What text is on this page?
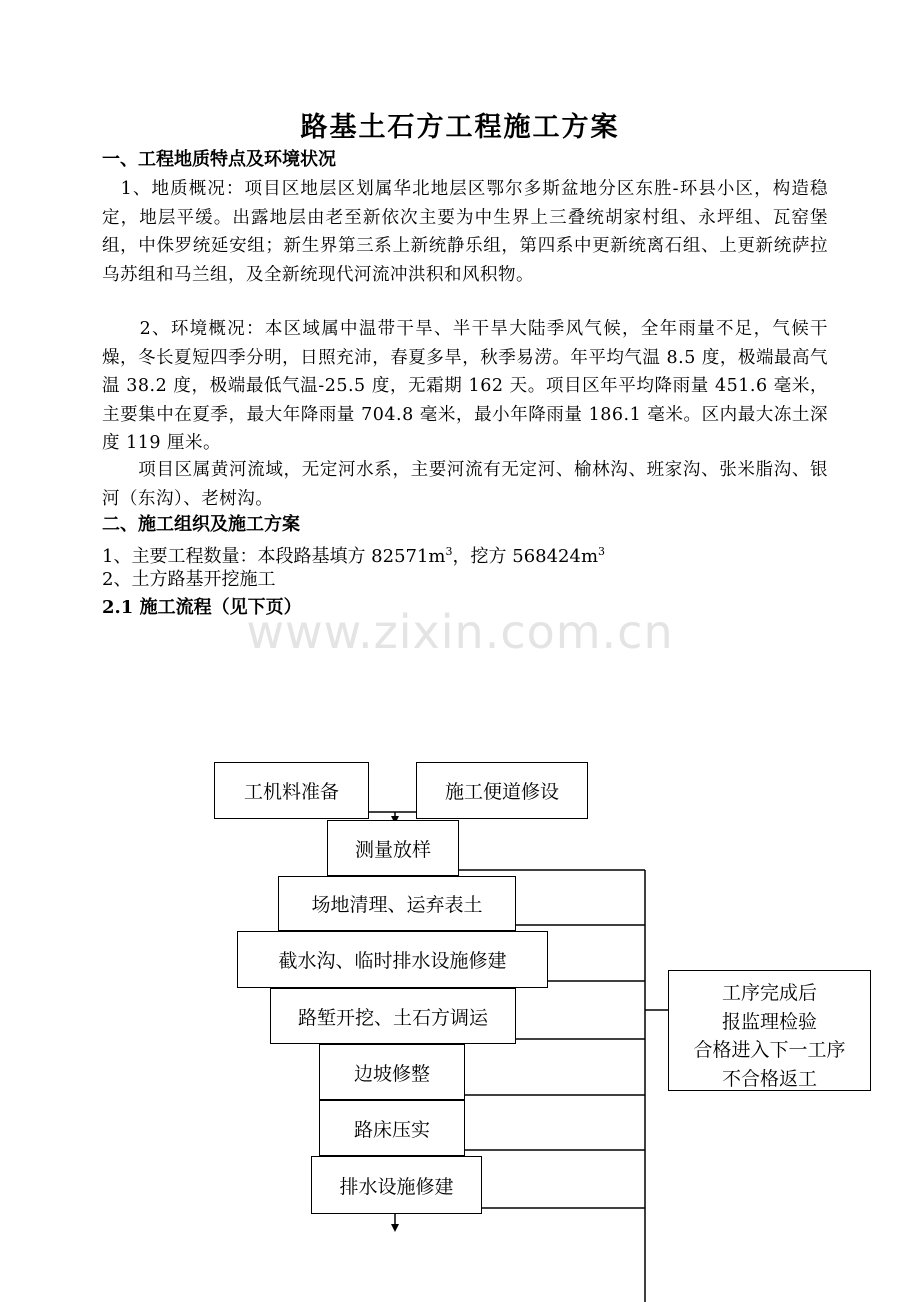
路基土石方工程施工方案
一、工程地质特点及环境状况
　1、地质概况：项目区地层区划属华北地层区鄂尔多斯盆地分区东胜-环县小区，构造稳定，地层平缓。出露地层由老至新依次主要为中生界上三叠统胡家村组、永坪组、瓦窑堡组，中侏罗统延安组；新生界第三系上新统静乐组，第四系中更新统离石组、上更新统萨拉乌苏组和马兰组，及全新统现代河流冲洪积和风积物。
　　2、环境概况：本区域属中温带干旱、半干旱大陆季风气候，全年雨量不足，气候干燥，冬长夏短四季分明，日照充沛，春夏多旱，秋季易涝。年平均气温 8.5 度，极端最高气温 38.2 度，极端最低气温-25.5 度，无霜期 162 天。项目区年平均降雨量 451.6 毫米，主要集中在夏季，最大年降雨量 704.8 毫米，最小年降雨量 186.1 毫米。区内最大冻土深度 119 厘米。
　　项目区属黄河流域，无定河水系，主要河流有无定河、榆林沟、班家沟、张米脂沟、银河（东沟）、老树沟。
二、施工组织及施工方案
1、主要工程数量：本段路基填方 $82571m^3$，挖方 $568424m^3$
2、土方路基开挖施工
2.1 施工流程（见下页）
www.zixin.com.cn
工机料准备	施工便道修设
测量放样
场地清理、运弃表土
截水沟、临时排水设施修建
路堑开挖、土石方调运
边坡修整
路床压实
排水设施修建
工序完成后
报监理检验
合格进入下一工序
不合格返工
